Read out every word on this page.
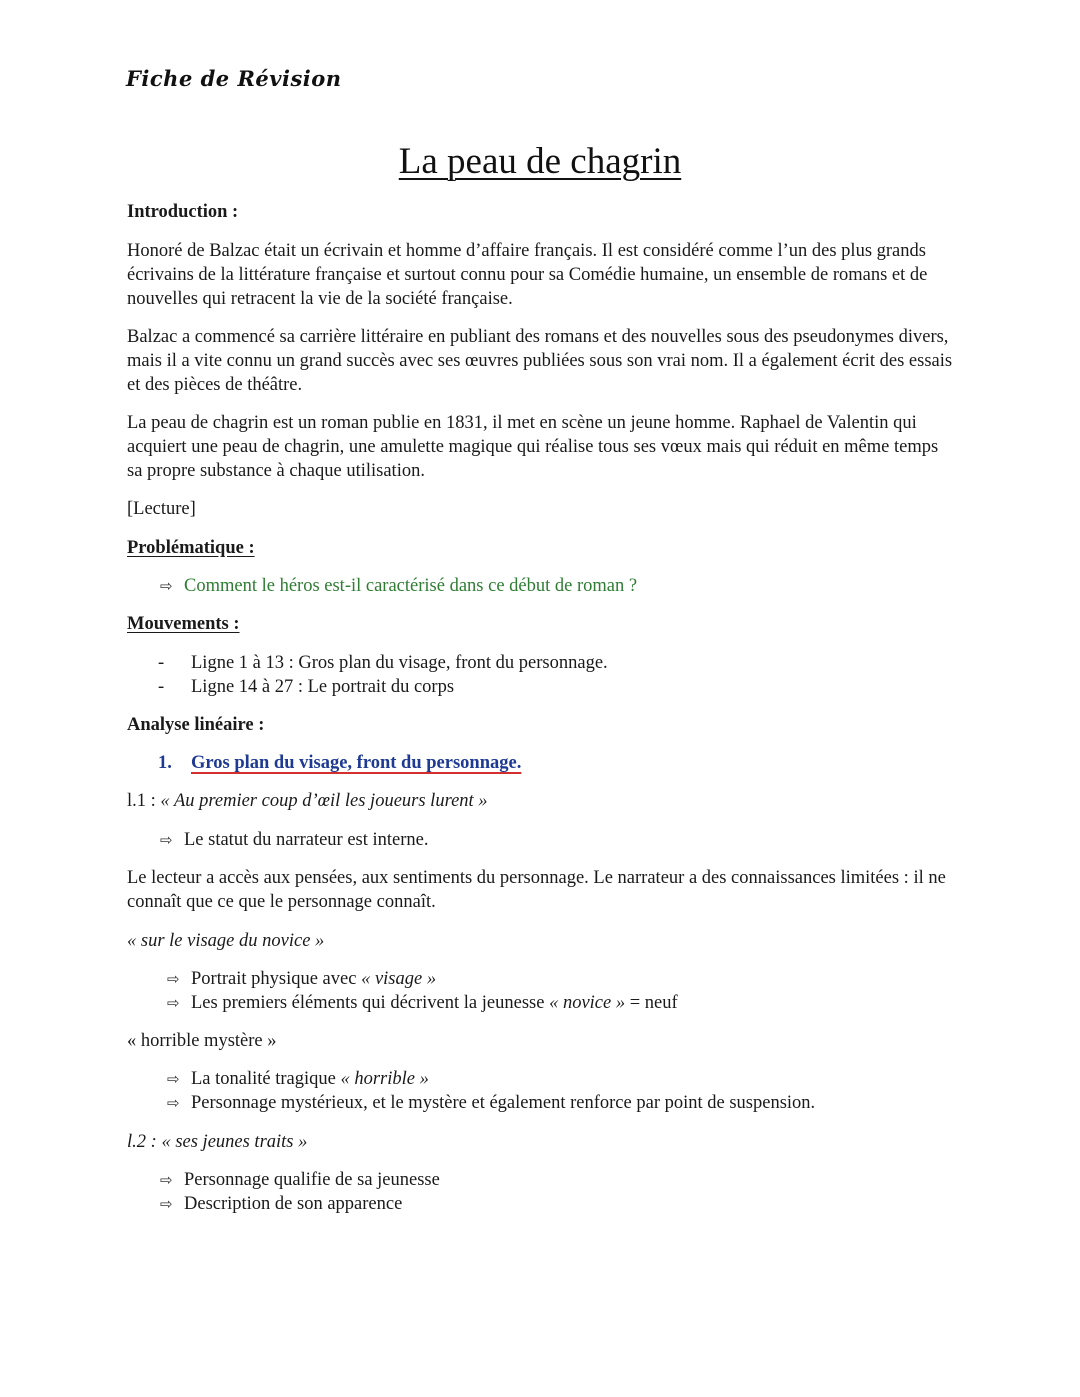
Fiche de Révision
La peau de chagrin
Introduction :
Honoré de Balzac était un écrivain et homme d’affaire français. Il est considéré comme l’un des plus grands écrivains de la littérature française et surtout connu pour sa Comédie humaine, un ensemble de romans et de nouvelles qui retracent la vie de la société française.
Balzac a commencé sa carrière littéraire en publiant des romans et des nouvelles sous des pseudonymes divers, mais il a vite connu un grand succès avec ses œuvres publiées sous son vrai nom. Il a également écrit des essais et des pièces de théâtre.
La peau de chagrin est un roman publie en 1831, il met en scène un jeune homme. Raphael de Valentin qui acquiert une peau de chagrin, une amulette magique qui réalise tous ses vœux mais qui réduit en même temps sa propre substance à chaque utilisation.
[Lecture]
Problématique :
⇨ Comment le héros est-il caractérisé dans ce début de roman ?
Mouvements :
- Ligne 1 à 13 : Gros plan du visage, front du personnage.
- Ligne 14 à 27 : Le portrait du corps
Analyse linéaire :
1. Gros plan du visage, front du personnage.
l.1 : « Au premier coup d’œil les joueurs lurent »
⇨ Le statut du narrateur est interne.
Le lecteur a accès aux pensées, aux sentiments du personnage. Le narrateur a des connaissances limitées : il ne connaît que ce que le personnage connaît.
« sur le visage du novice »
⇨ Portrait physique avec « visage »
⇨ Les premiers éléments qui décrivent la jeunesse « novice » = neuf
« horrible mystère »
⇨ La tonalité tragique « horrible »
⇨ Personnage mystérieux, et le mystère et également renforce par point de suspension.
l.2 : « ses jeunes traits »
⇨ Personnage qualifie de sa jeunesse
⇨ Description de son apparence
